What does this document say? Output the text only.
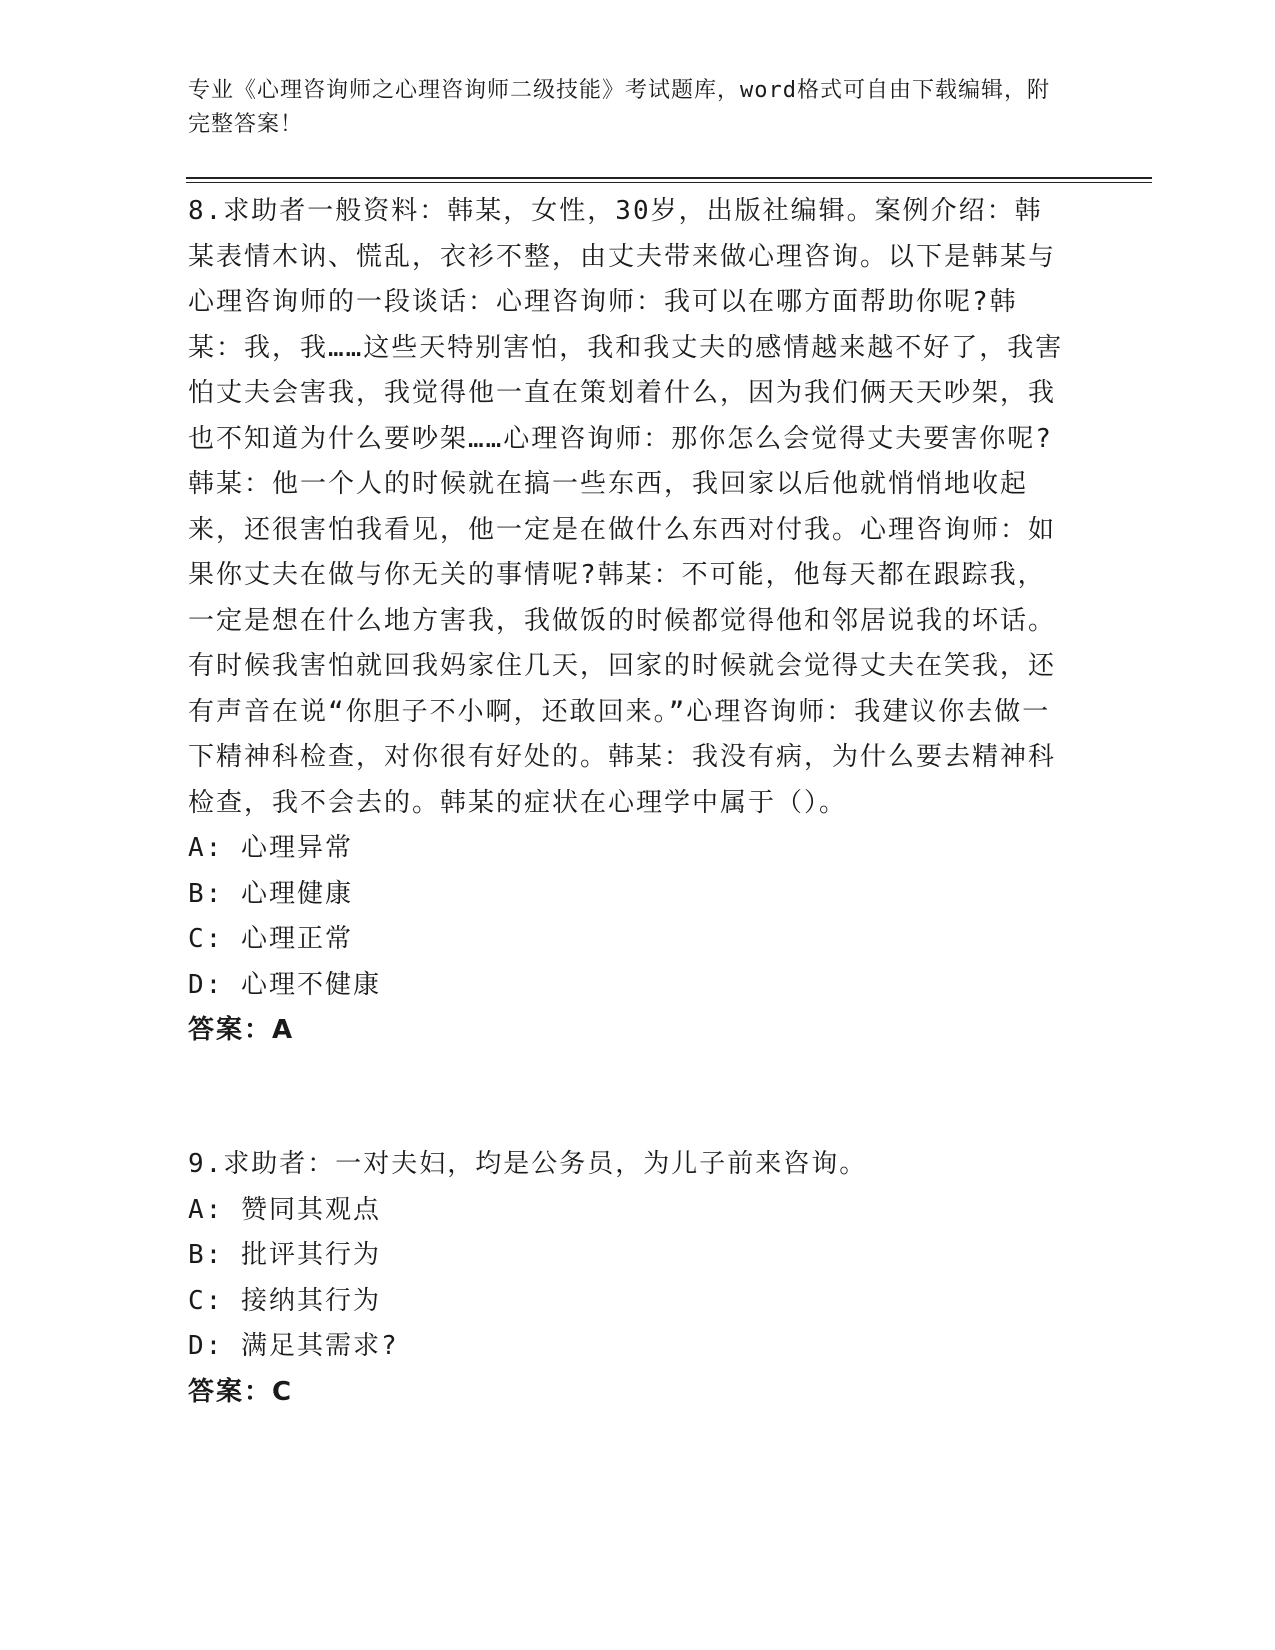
专业《心理咨询师之心理咨询师二级技能》考试题库，word格式可自由下载编辑，附完整答案！

8.求助者一般资料：韩某，女性，30岁，出版社编辑。案例介绍：韩某表情木讷、慌乱，衣衫不整，由丈夫带来做心理咨询。以下是韩某与心理咨询师的一段谈话：心理咨询师：我可以在哪方面帮助你呢?韩某：我，我……这些天特别害怕，我和我丈夫的感情越来越不好了，我害怕丈夫会害我，我觉得他一直在策划着什么，因为我们俩天天吵架，我也不知道为什么要吵架……心理咨询师：那你怎么会觉得丈夫要害你呢?韩某：他一个人的时候就在搞一些东西，我回家以后他就悄悄地收起来，还很害怕我看见，他一定是在做什么东西对付我。心理咨询师：如果你丈夫在做与你无关的事情呢?韩某：不可能，他每天都在跟踪我，一定是想在什么地方害我，我做饭的时候都觉得他和邻居说我的坏话。有时候我害怕就回我妈家住几天，回家的时候就会觉得丈夫在笑我，还有声音在说“你胆子不小啊，还敢回来。”心理咨询师：我建议你去做一下精神科检查，对你很有好处的。韩某：我没有病，为什么要去精神科检查，我不会去的。韩某的症状在心理学中属于（）。

A: 心理异常

B: 心理健康

C: 心理正常

D: 心理不健康

答案：A

9.求助者：一对夫妇，均是公务员，为儿子前来咨询。

A: 赞同其观点

B: 批评其行为

C: 接纳其行为

D: 满足其需求?

答案：C
